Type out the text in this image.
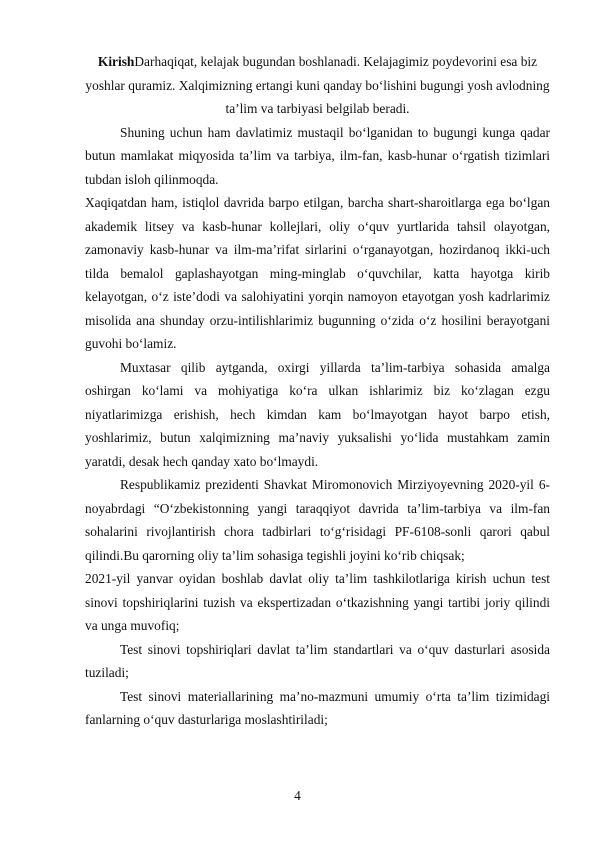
KirishDarhaqiqat, kelajak bugundan boshlanadi. Kelajagimiz poydevorini esa biz yoshlar quramiz. Xalqimizning ertangi kuni qanday bo‘lishini bugungi yosh avlodning ta’lim va tarbiyasi belgilab beradi.

Shuning uchun ham davlatimiz mustaqil bo‘lganidan to bugungi kunga qadar butun mamlakat miqyosida ta’lim va tarbiya, ilm-fan, kasb-hunar o‘rgatish tizimlari tubdan isloh qilinmoqda.

Xaqiqatdan ham, istiqlol davrida barpo etilgan, barcha shart-sharoitlarga ega bo‘lgan akademik litsey va kasb-hunar kollejlari, oliy o‘quv yurtlarida tahsil olayotgan, zamonaviy kasb-hunar va ilm-ma’rifat sirlarini o‘rganayotgan, hozirdanoq ikki-uch tilda bemalol gaplashayotgan ming-minglab o‘quvchilar, katta hayotga kirib kelayotgan, o‘z iste’dodi va salohiyatini yorqin namoyon etayotgan yosh kadrlarimiz misolida ana shunday orzu-intilishlarimiz bugunning o‘zida o‘z hosilini berayotgani guvohi bo‘lamiz.

Muxtasar qilib aytganda, oxirgi yillarda ta’lim-tarbiya sohasida amalga oshirgan ko‘lami va mohiyatiga ko‘ra ulkan ishlarimiz biz ko‘zlagan ezgu niyatlarimizga erishish, hech kimdan kam bo‘lmayotgan hayot barpo etish, yoshlarimiz, butun xalqimizning ma’naviy yuksalishi yo‘lida mustahkam zamin yaratdi, desak hech qanday xato bo‘lmaydi.

Respublikamiz prezidenti Shavkat Miromonovich Mirziyoyevning 2020-yil 6-noyabrdagi “O‘zbekistonning yangi taraqqiyot davrida ta’lim-tarbiya va ilm-fan sohalarini rivojlantirish chora tadbirlari to‘g‘risidagi PF-6108-sonli qarori qabul qilindi.Bu qarorning oliy ta’lim sohasiga tegishli joyini ko‘rib chiqsak;

2021-yil yanvar oyidan boshlab davlat oliy ta’lim tashkilotlariga kirish uchun test sinovi topshiriqlarini tuzish va ekspertizadan o‘tkazishning yangi tartibi joriy qilindi va unga muvofiq;

Test sinovi topshiriqlari davlat ta’lim standartlari va o‘quv dasturlari asosida tuziladi;

Test sinovi materiallarining ma’no-mazmuni umumiy o‘rta ta’lim tizimidagi fanlarning o‘quv dasturlariga moslashtiriladi;

4
